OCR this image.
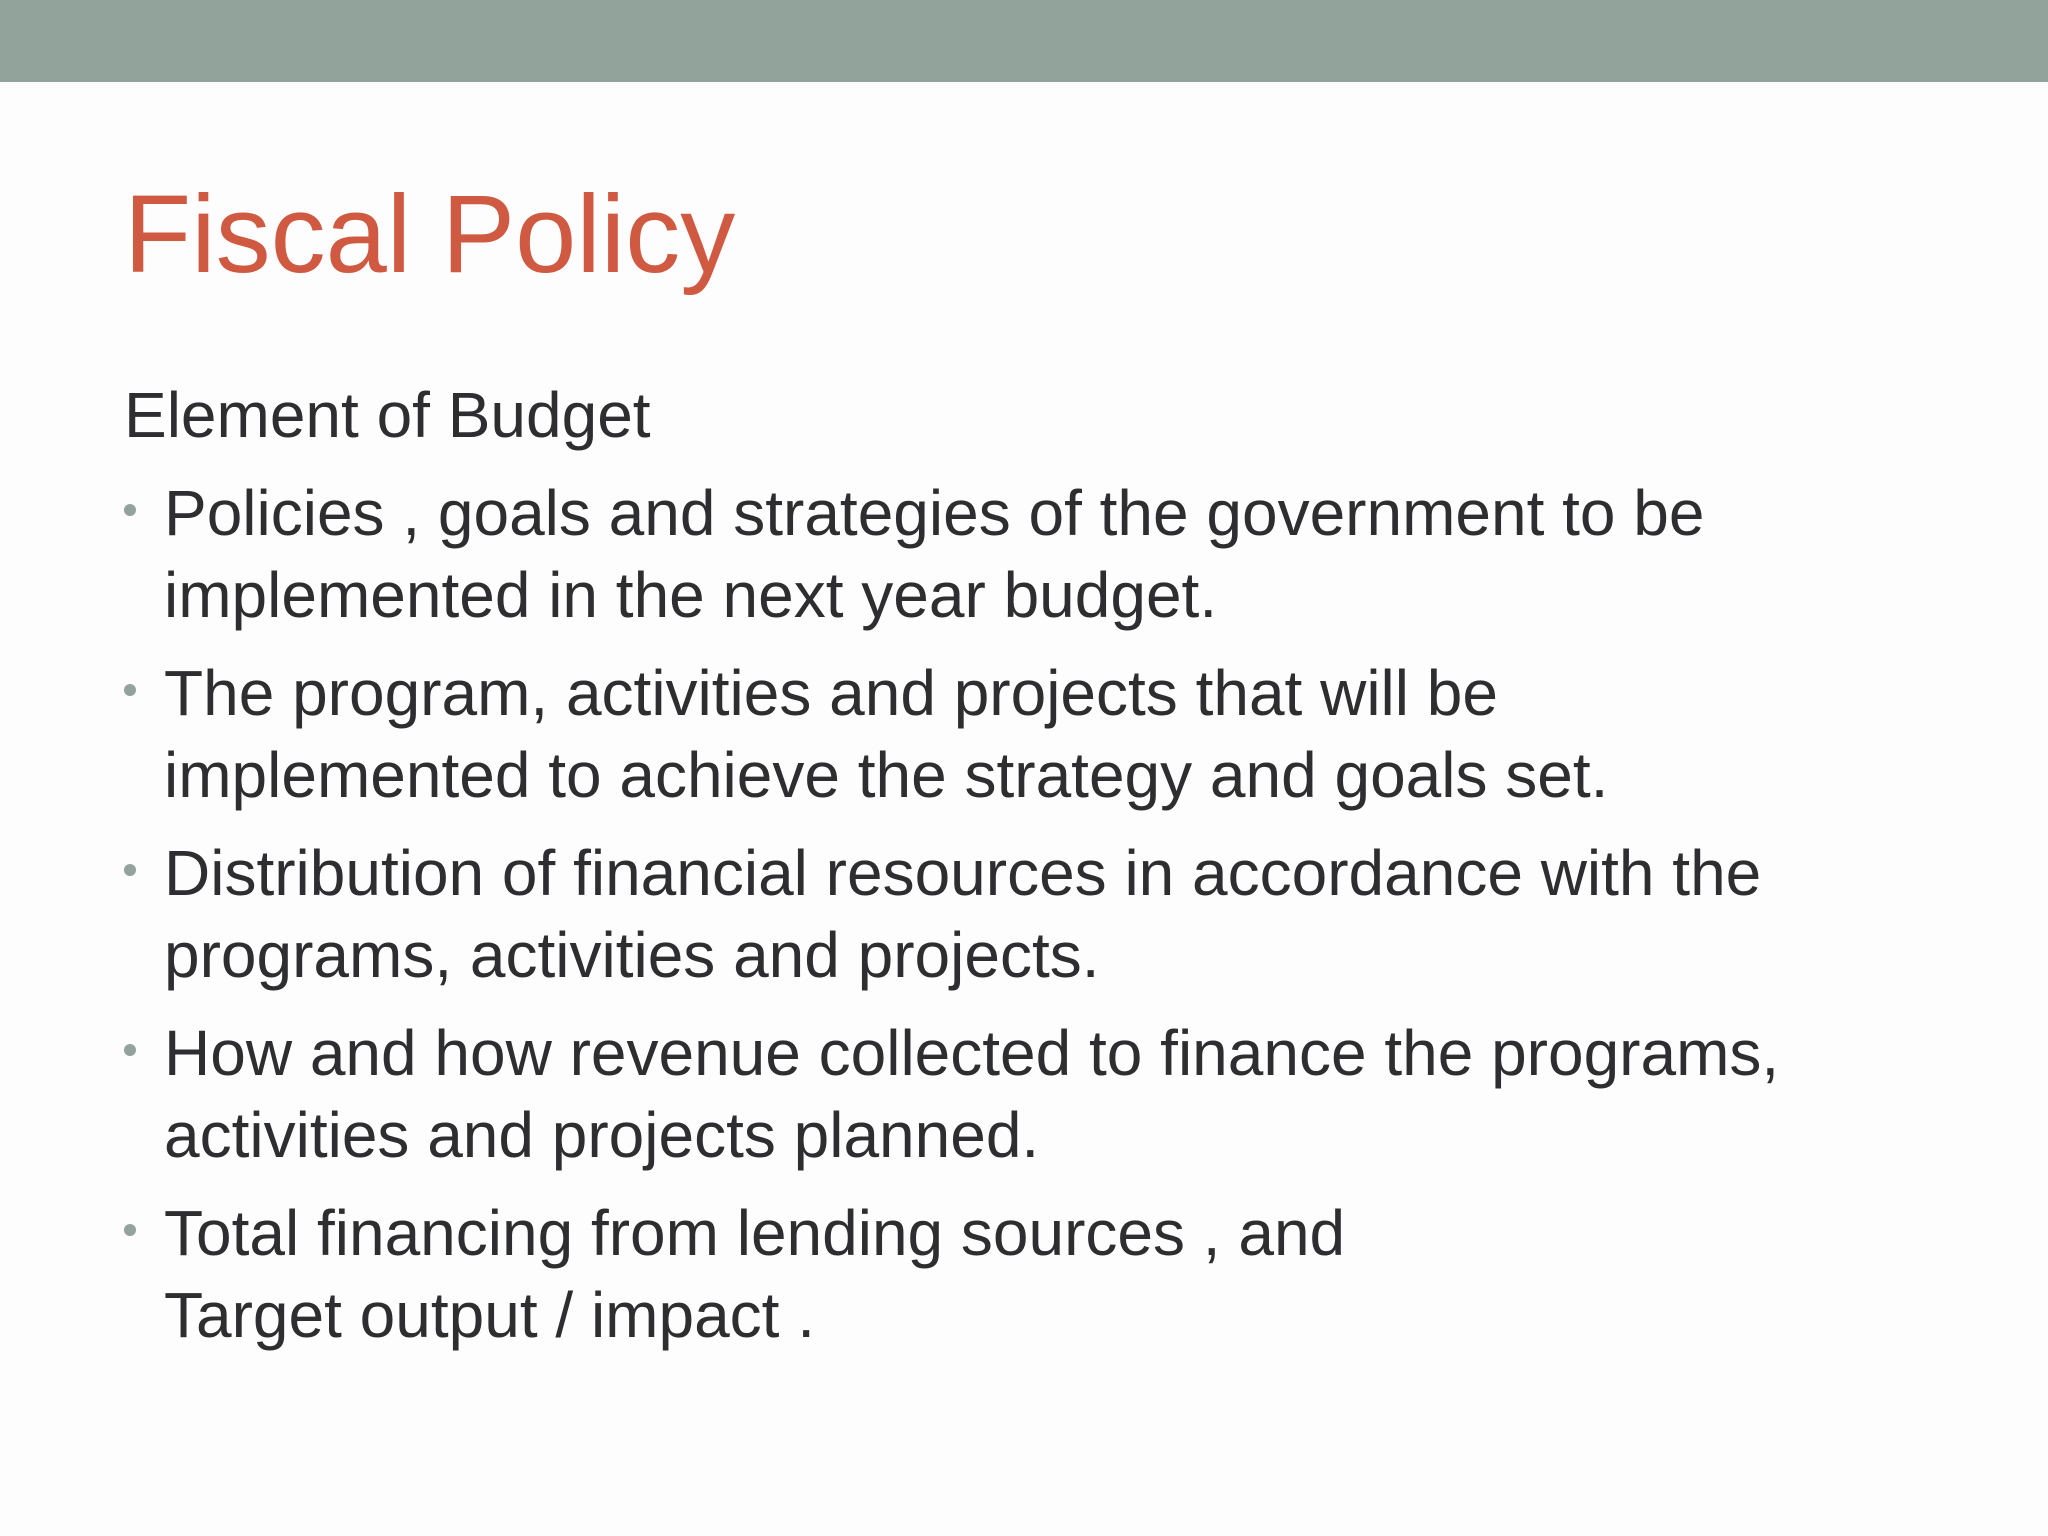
Fiscal Policy
Element of Budget
Policies , goals and strategies of the government to be
implemented in the next year budget.
The program, activities and projects that will be
implemented to achieve the strategy and goals set.
Distribution of financial resources in accordance with the
programs, activities and projects.
How and how revenue collected to finance the programs,
activities and projects planned.
Total financing from lending sources , and
Target output / impact .
